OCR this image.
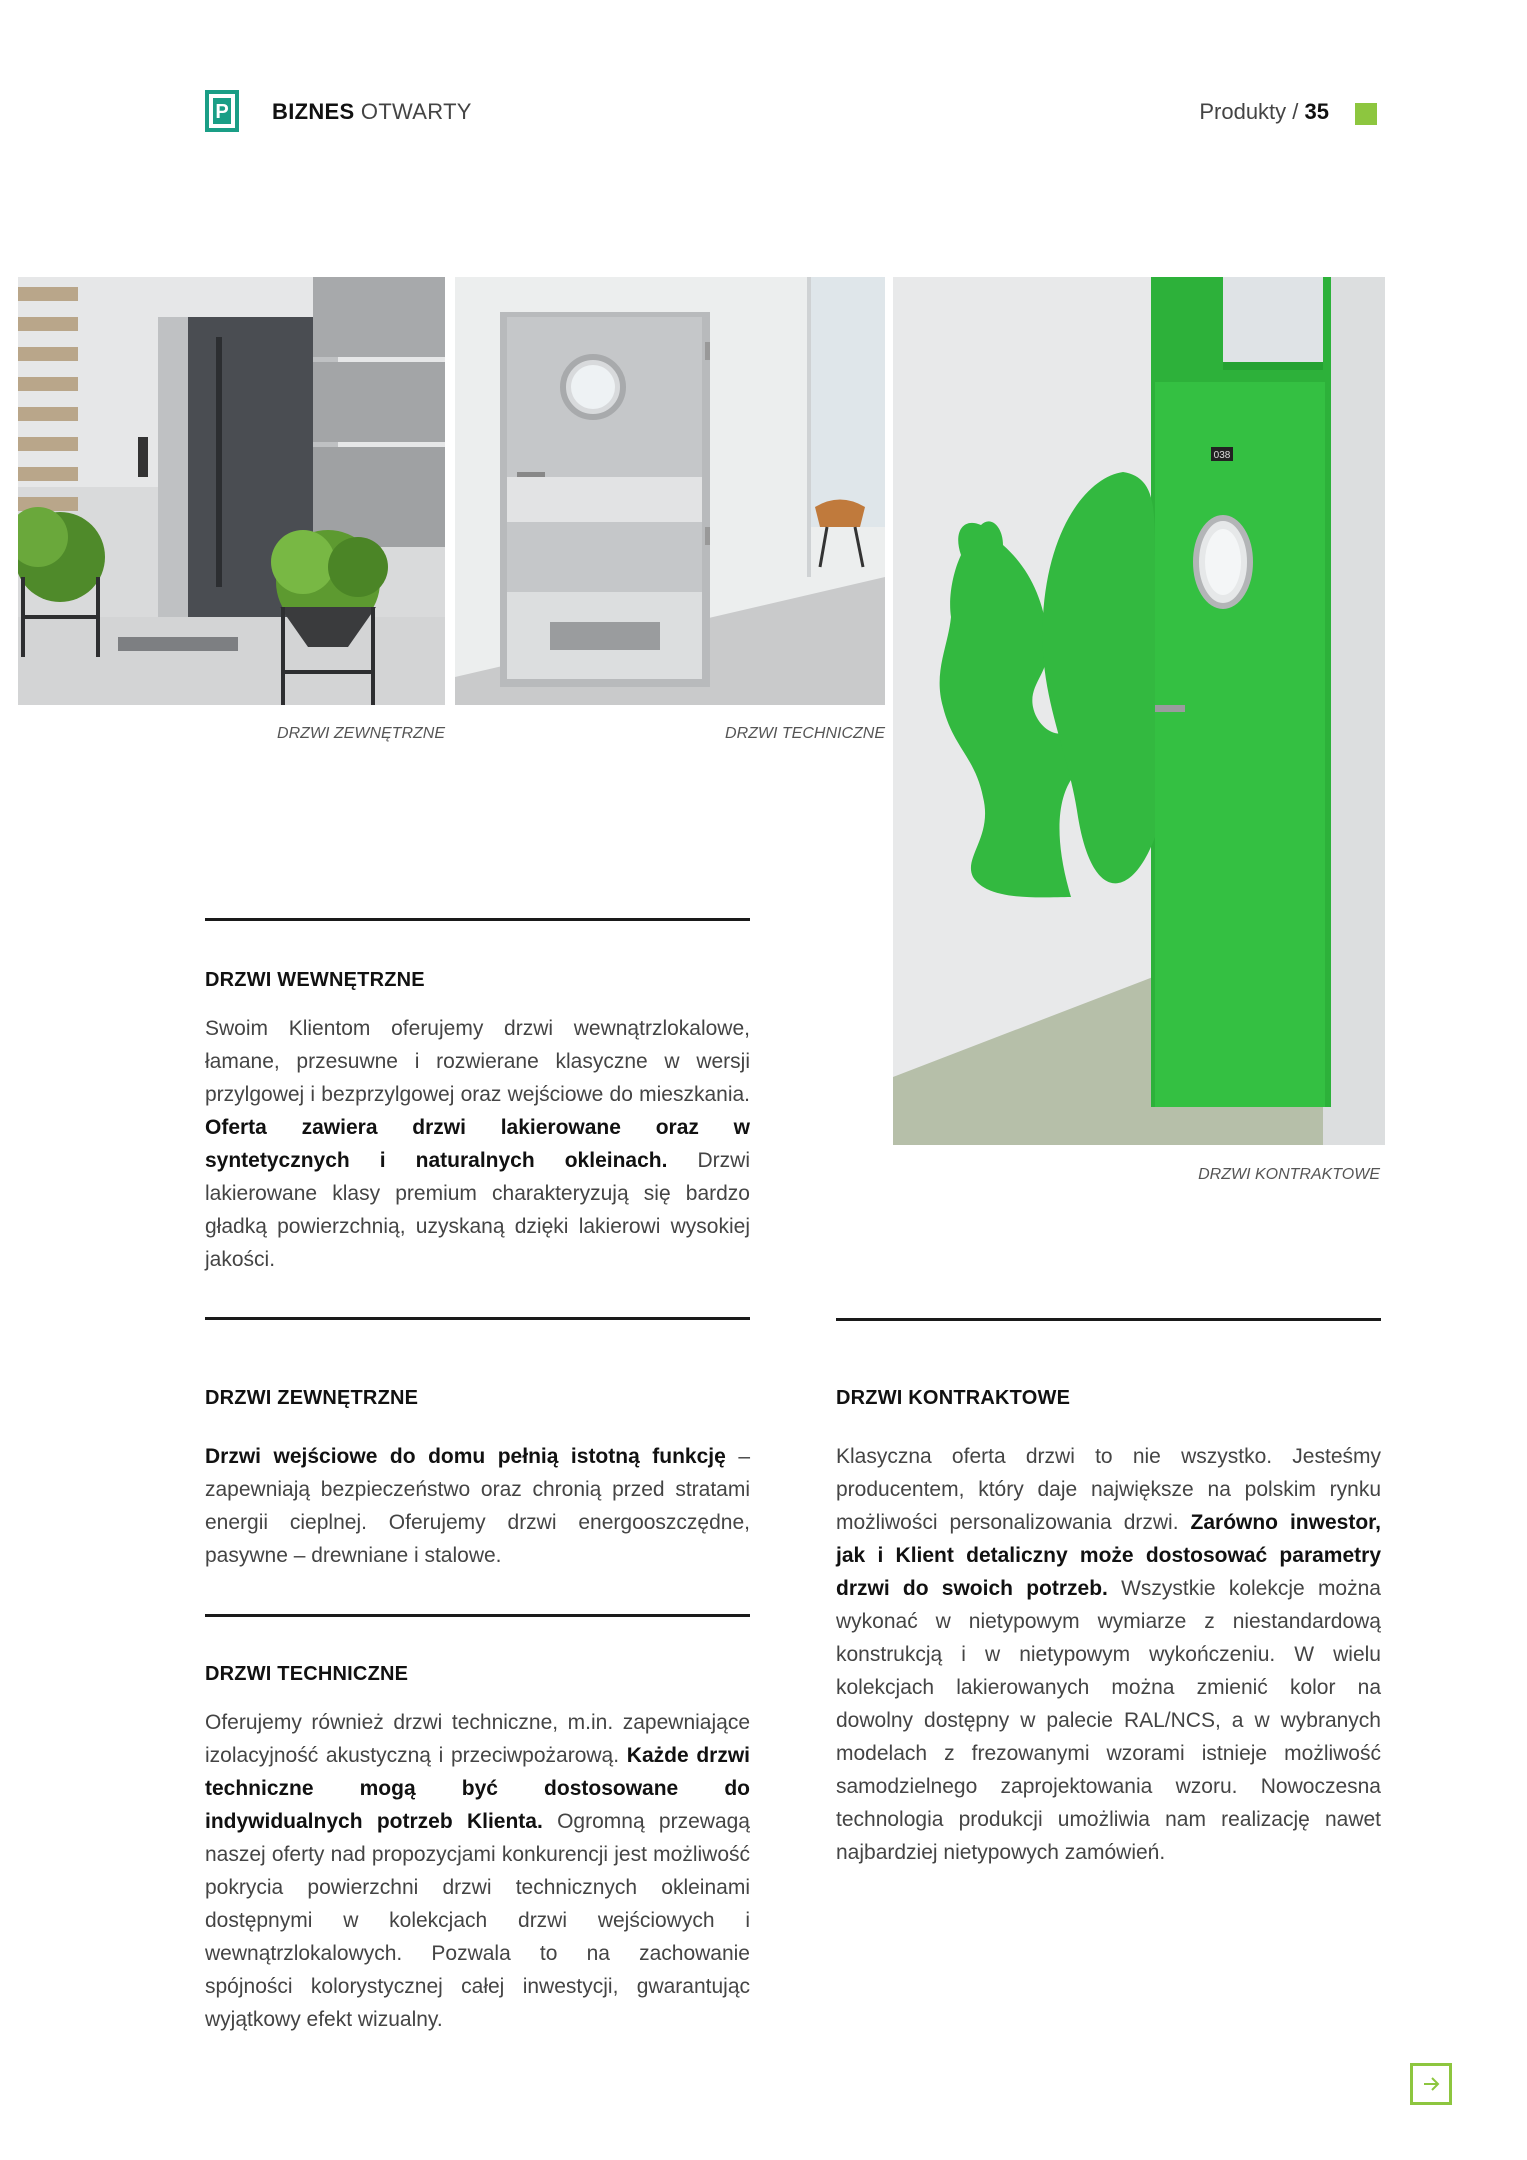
P BIZNES OTWARTY	Produkty / 35
038
DRZWI ZEWNĘTRZNE	DRZWI TECHNICZNE
DRZWI KONTRAKTOWE
DRZWI WEWNĘTRZNE
Swoim Klientom oferujemy drzwi wewnątrzlokalowe, łamane, przesuwne i rozwierane klasyczne w wersji przylgowej i bezprzylgowej oraz wejściowe do mieszkania. Oferta zawiera drzwi lakierowane oraz w syntetycznych i naturalnych okleinach. Drzwi lakierowane klasy premium charakteryzują się bardzo gładką powierzchnią, uzyskaną dzięki lakierowi wysokiej jakości.
DRZWI ZEWNĘTRZNE
Drzwi wejściowe do domu pełnią istotną funkcję – zapewniają bezpieczeństwo oraz chronią przed stratami energii cieplnej. Oferujemy drzwi energooszczędne, pasywne – drewniane i stalowe.
DRZWI TECHNICZNE
Oferujemy również drzwi techniczne, m.in. zapewniające izolacyjność akustyczną i przeciwpożarową. Każde drzwi techniczne mogą być dostosowane do indywidualnych potrzeb Klienta. Ogromną przewagą naszej oferty nad propozycjami konkurencji jest możliwość pokrycia powierzchni drzwi technicznych okleinami dostępnymi w kolekcjach drzwi wejściowych i wewnątrzlokalowych. Pozwala to na zachowanie spójności kolorystycznej całej inwestycji, gwarantując wyjątkowy efekt wizualny.
DRZWI KONTRAKTOWE
Klasyczna oferta drzwi to nie wszystko. Jesteśmy producentem, który daje największe na polskim rynku możliwości personalizowania drzwi. Zarówno inwestor, jak i Klient detaliczny może dostosować parametry drzwi do swoich potrzeb. Wszystkie kolekcje można wykonać w nietypowym wymiarze z niestandardową konstrukcją i w nietypowym wykończeniu. W wielu kolekcjach lakierowanych można zmienić kolor na dowolny dostępny w palecie RAL/NCS, a w wybranych modelach z frezowanymi wzorami istnieje możliwość samodzielnego zaprojektowania wzoru. Nowoczesna technologia produkcji umożliwia nam realizację nawet najbardziej nietypowych zamówień.
